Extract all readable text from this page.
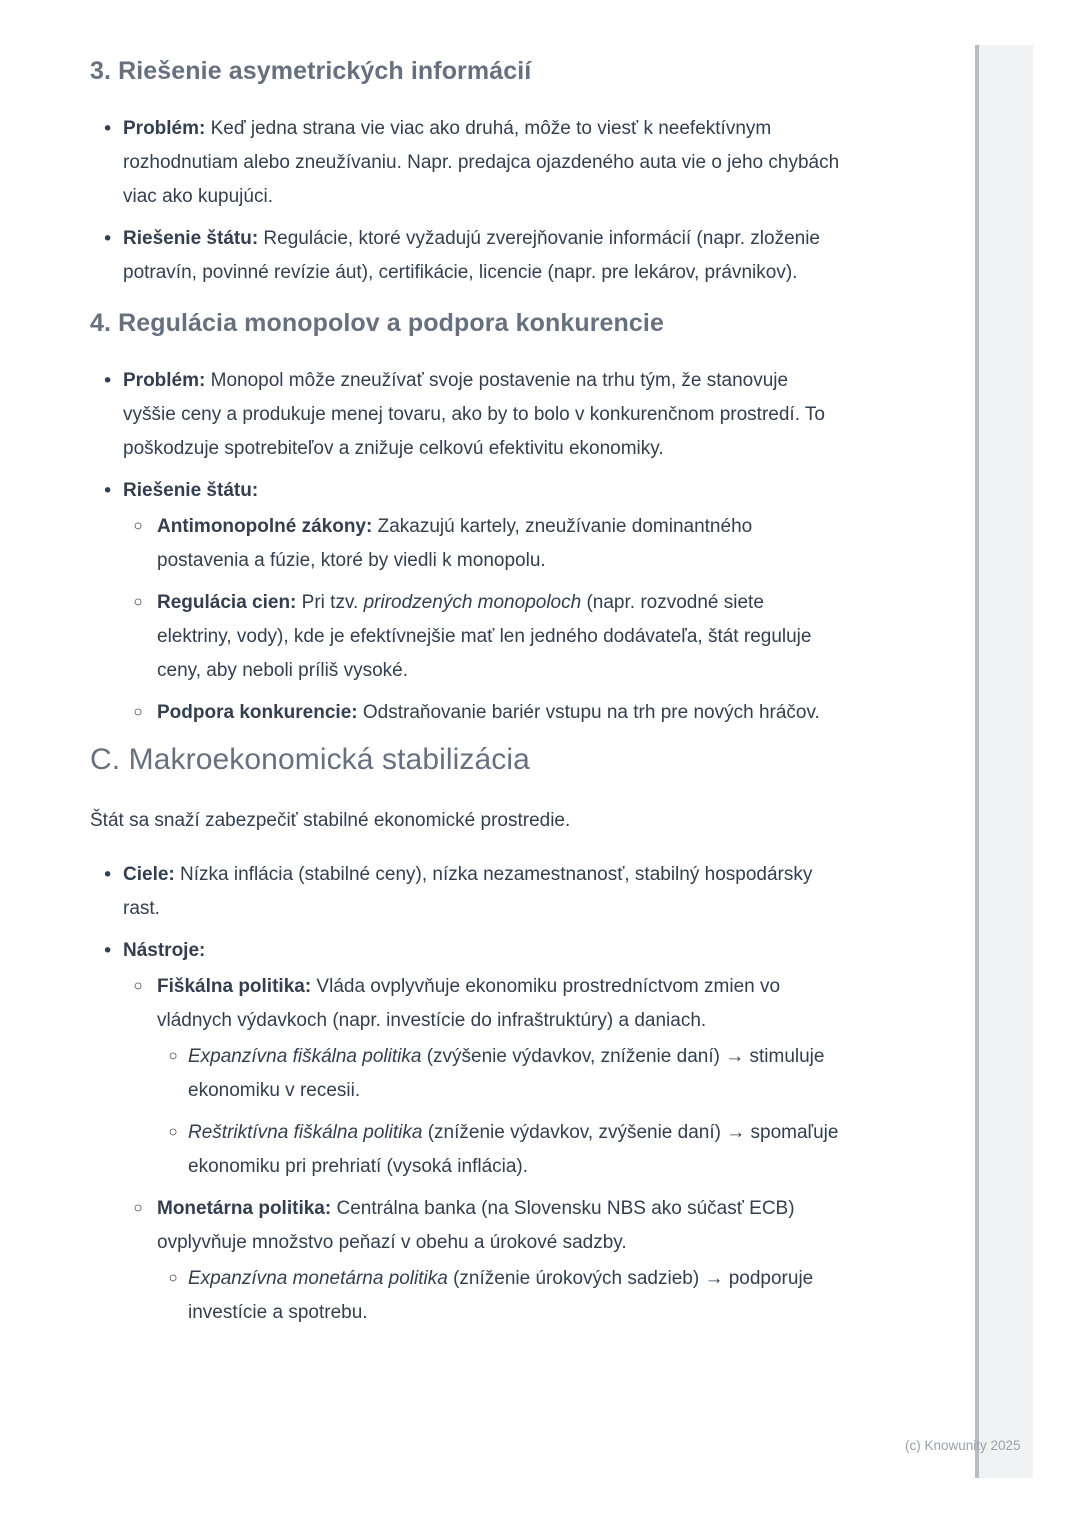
3. Riešenie asymetrických informácií
• Problém: Keď jedna strana vie viac ako druhá, môže to viesť k neefektívnym rozhodnutiam alebo zneužívaniu. Napr. predajca ojazdeného auta vie o jeho chybách viac ako kupujúci.
• Riešenie štátu: Regulácie, ktoré vyžadujú zverejňovanie informácií (napr. zloženie potravín, povinné revízie áut), certifikácie, licencie (napr. pre lekárov, právnikov).
4. Regulácia monopolov a podpora konkurencie
• Problém: Monopol môže zneužívať svoje postavenie na trhu tým, že stanovuje vyššie ceny a produkuje menej tovaru, ako by to bolo v konkurenčnom prostredí. To poškodzuje spotrebiteľov a znižuje celkovú efektivitu ekonomiky.
• Riešenie štátu:
◦ Antimonopolné zákony: Zakazujú kartely, zneužívanie dominantného postavenia a fúzie, ktoré by viedli k monopolu.
◦ Regulácia cien: Pri tzv. prirodzených monopoloch (napr. rozvodné siete elektriny, vody), kde je efektívnejšie mať len jedného dodávateľa, štát reguluje ceny, aby neboli príliš vysoké.
◦ Podpora konkurencie: Odstraňovanie bariér vstupu na trh pre nových hráčov.
C. Makroekonomická stabilizácia

Štát sa snaží zabezpečiť stabilné ekonomické prostredie.

• Ciele: Nízka inflácia (stabilné ceny), nízka nezamestnanosť, stabilný hospodársky rast.
• Nástroje:
◦ Fiškálna politika: Vláda ovplyvňuje ekonomiku prostredníctvom zmien vo vládnych výdavkoch (napr. investície do infraštruktúry) a daniach.
◦ Expanzívna fiškálna politika (zvýšenie výdavkov, zníženie daní) → stimuluje ekonomiku v recesii.
◦ Reštriktívna fiškálna politika (zníženie výdavkov, zvýšenie daní) → spomaľuje ekonomiku pri prehriatí (vysoká inflácia).
◦ Monetárna politika: Centrálna banka (na Slovensku NBS ako súčasť ECB) ovplyvňuje množstvo peňazí v obehu a úrokové sadzby.
◦ Expanzívna monetárna politika (zníženie úrokových sadzieb) → podporuje investície a spotrebu.
(c) Knowunity 2025
